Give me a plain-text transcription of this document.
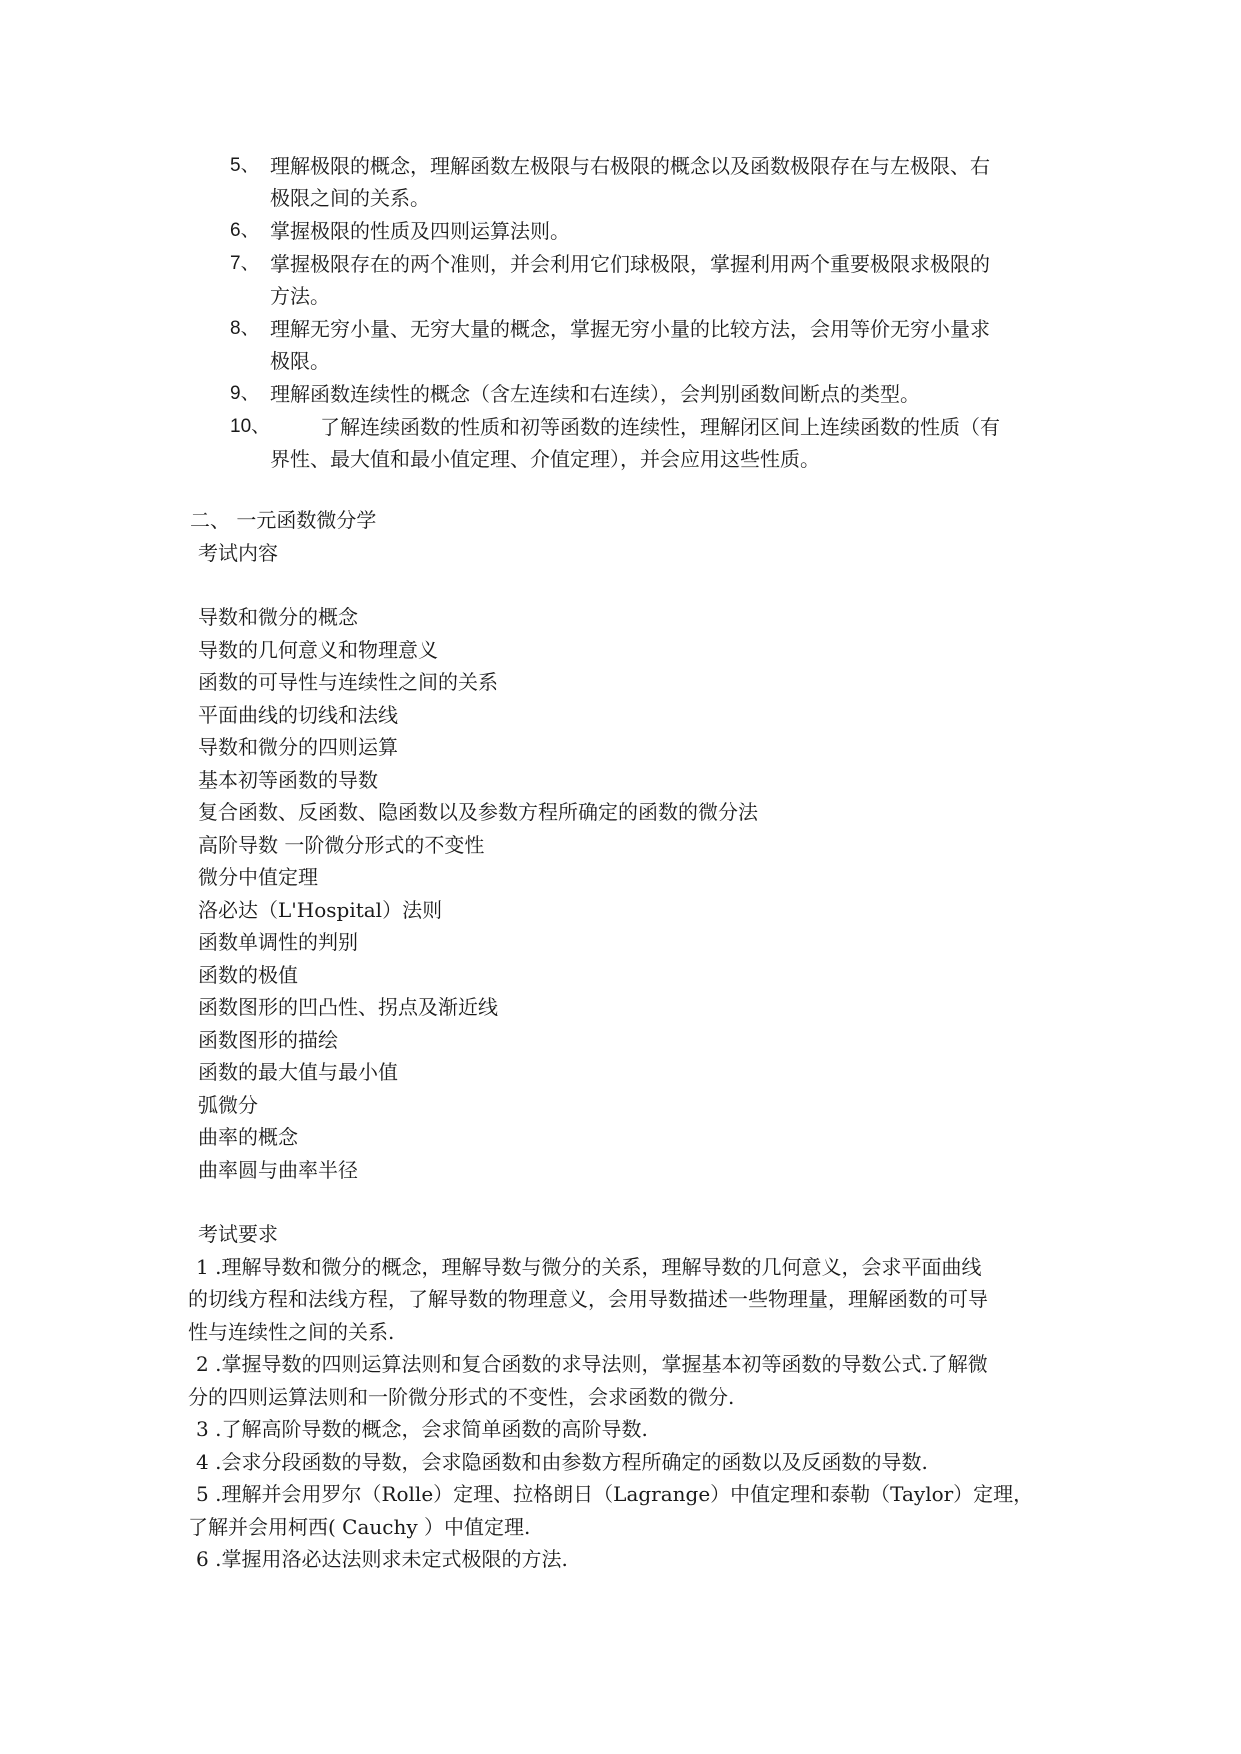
5、 理解极限的概念，理解函数左极限与右极限的概念以及函数极限存在与左极限、右
极限之间的关系。
6、 掌握极限的性质及四则运算法则。
7、 掌握极限存在的两个准则，并会利用它们球极限，掌握利用两个重要极限求极限的
方法。
8、 理解无穷小量、无穷大量的概念，掌握无穷小量的比较方法，会用等价无穷小量求
极限。
9、 理解函数连续性的概念（含左连续和右连续），会判别函数间断点的类型。
10、 了解连续函数的性质和初等函数的连续性，理解闭区间上连续函数的性质（有
界性、最大值和最小值定理、介值定理），并会应用这些性质。
二、 一元函数微分学
考试内容
导数和微分的概念
导数的几何意义和物理意义
函数的可导性与连续性之间的关系
平面曲线的切线和法线
导数和微分的四则运算
基本初等函数的导数
复合函数、反函数、隐函数以及参数方程所确定的函数的微分法
高阶导数 一阶微分形式的不变性
微分中值定理
洛必达（L'Hospital）法则
函数单调性的判别
函数的极值
函数图形的凹凸性、拐点及渐近线
函数图形的描绘
函数的最大值与最小值
弧微分
曲率的概念
曲率圆与曲率半径
考试要求
1 .理解导数和微分的概念，理解导数与微分的关系，理解导数的几何意义，会求平面曲线
的切线方程和法线方程，了解导数的物理意义，会用导数描述一些物理量，理解函数的可导
性与连续性之间的关系.
2 .掌握导数的四则运算法则和复合函数的求导法则，掌握基本初等函数的导数公式.了解微
分的四则运算法则和一阶微分形式的不变性，会求函数的微分.
3 .了解高阶导数的概念，会求简单函数的高阶导数.
4 .会求分段函数的导数，会求隐函数和由参数方程所确定的函数以及反函数的导数.
5 .理解并会用罗尔（Rolle）定理、拉格朗日（Lagrange）中值定理和泰勒（Taylor）定理，
了解并会用柯西( Cauchy ）中值定理.
6 .掌握用洛必达法则求未定式极限的方法.
